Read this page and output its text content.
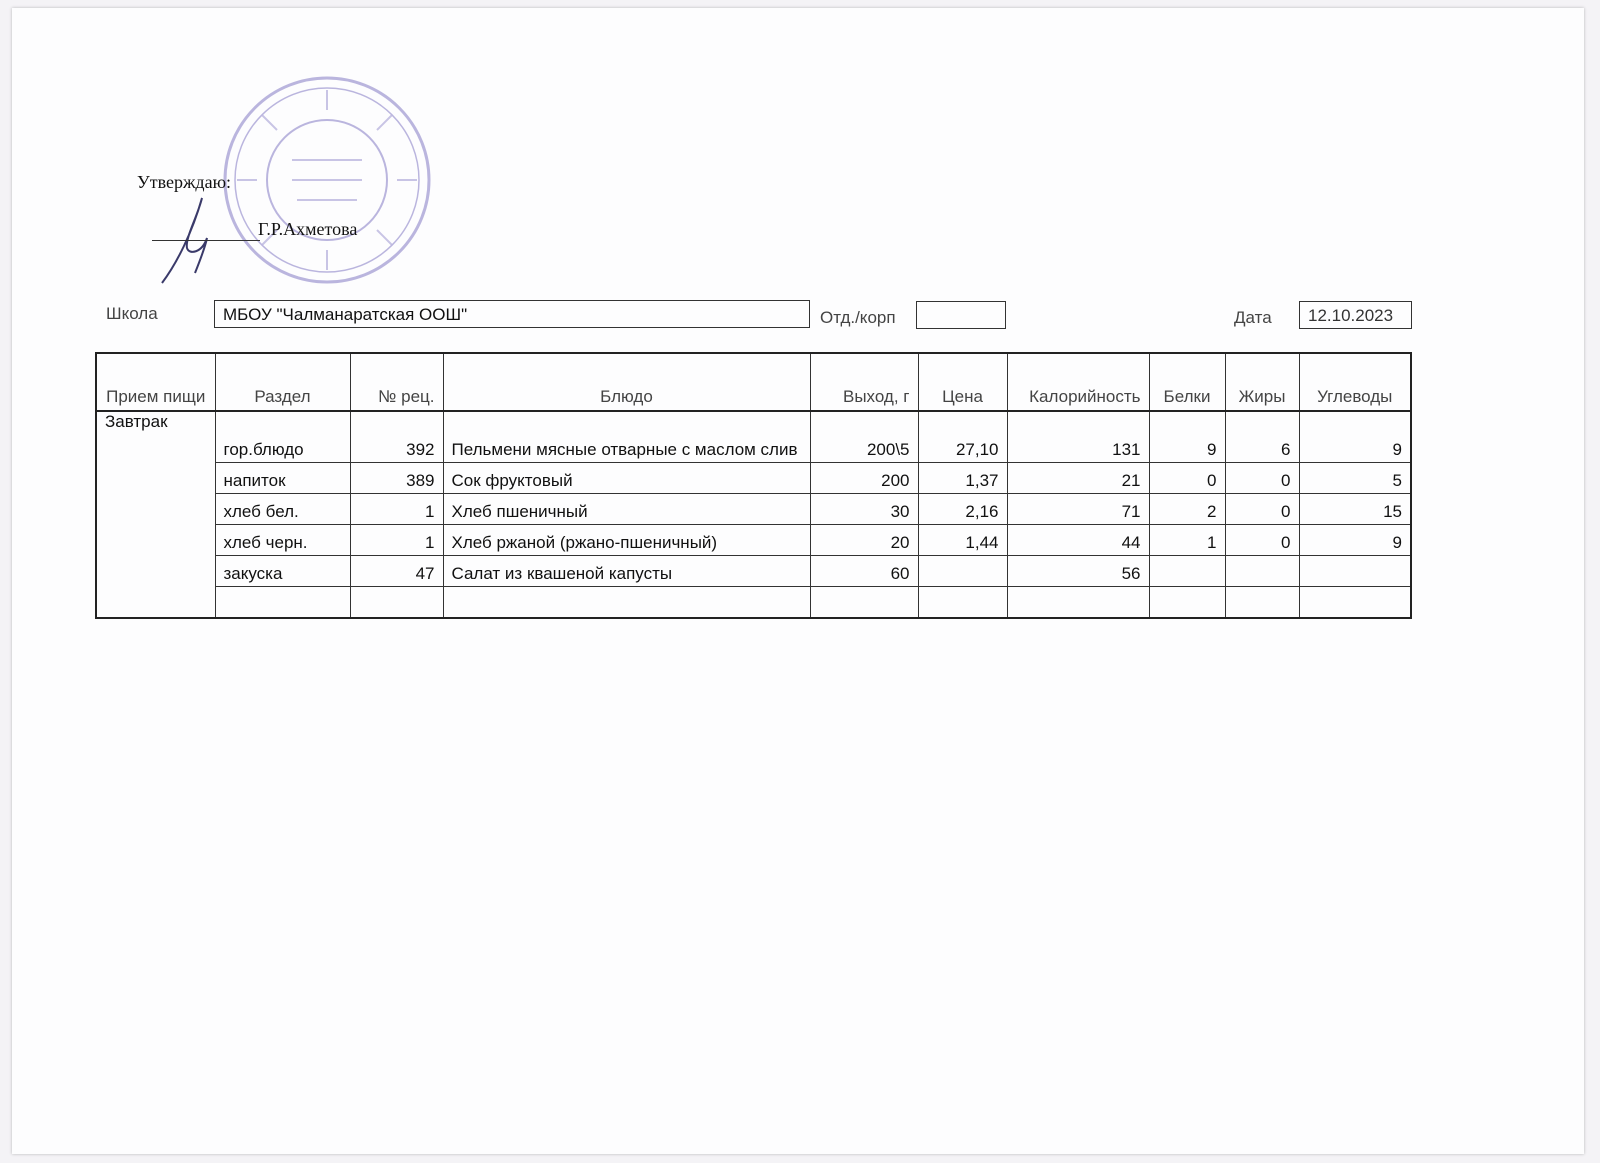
Утверждаю:
Г.Р.Ахметова
Школа	МБОУ "Чалманаратская ООШ"	Отд./корп	Дата	12.10.2023
Прием пищи	Раздел	№ рец.	Блюдо	Выход, г	Цена	Калорийность	Белки	Жиры	Углеводы
Завтрак	гор.блюдо	392	Пельмени мясные отварные с маслом слив	200\5	27,10	131	9	6	9
	напиток	389	Сок фруктовый	200	1,37	21	0	0	5
	хлеб бел.	1	Хлеб пшеничный	30	2,16	71	2	0	15
	хлеб черн.	1	Хлеб ржаной (ржано-пшеничный)	20	1,44	44	1	0	9
	закуска	47	Салат из квашеной капусты	60		56			
